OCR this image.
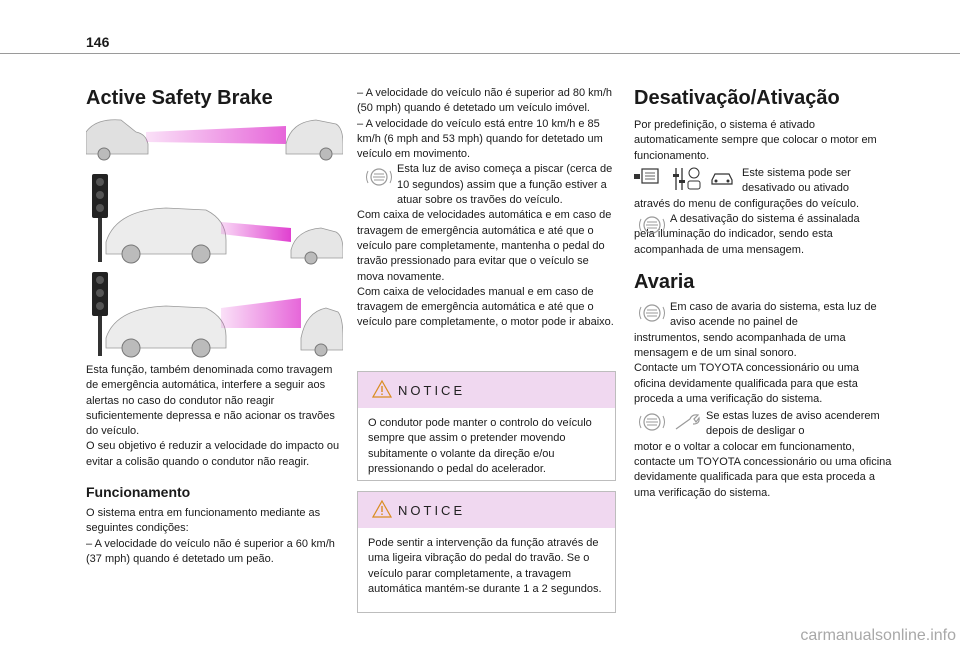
146
Active Safety Brake

Esta função, também denominada como travagem de emergência automática, interfere a seguir aos alertas no caso do condutor não reagir suficientemente depressa e não acionar os travões do veículo.

O seu objetivo é reduzir a velocidade do impacto ou evitar a colisão quando o condutor não reagir.

Funcionamento

O sistema entra em funcionamento mediante as seguintes condições:

– A velocidade do veículo não é superior a 60 km/h (37 mph) quando é detetado um peão.

– A velocidade do veículo não é superior ad 80 km/h (50 mph) quando é detetado um veículo imóvel.

– A velocidade do veículo está entre 10 km/h e 85 km/h (6 mph and 53 mph) quando for detetado um veículo em movimento.

Esta luz de aviso começa a piscar (cerca de 10 segundos) assim que a função estiver a atuar sobre os travões do veículo.

Com caixa de velocidades automática e em caso de travagem de emergência automática e até que o veículo pare completamente, mantenha o pedal do travão pressionado para evitar que o veículo se mova novamente.

Com caixa de velocidades manual e em caso de travagem de emergência automática e até que o veículo pare completamente, o motor pode ir abaixo.

NOTICE

O condutor pode manter o controlo do veículo sempre que assim o pretender movendo subitamente o volante da direção e/ou pressionando o pedal do acelerador.

NOTICE

Pode sentir a intervenção da função através de uma ligeira vibração do pedal do travão. Se o veículo parar completamente, a travagem automática mantém-se durante 1 a 2 segundos.

Desativação/Ativação

Por predefinição, o sistema é ativado automaticamente sempre que colocar o motor em funcionamento.

Este sistema pode ser desativado ou ativado

através do menu de configurações do veículo.

A desativação do sistema é assinalada

pela iluminação do indicador, sendo esta acompanhada de uma mensagem.

Avaria

Em caso de avaria do sistema, esta luz de aviso acende no painel de

instrumentos, sendo acompanhada de uma mensagem e de um sinal sonoro.

Contacte um TOYOTA concessionário ou uma oficina devidamente qualificada para que esta proceda a uma verificação do sistema.

Se estas luzes de aviso acenderem depois de desligar o

motor e o voltar a colocar em funcionamento,

contacte um TOYOTA concessionário ou uma oficina devidamente qualificada para que esta proceda a uma verificação do sistema.

carmanualsonline.info
